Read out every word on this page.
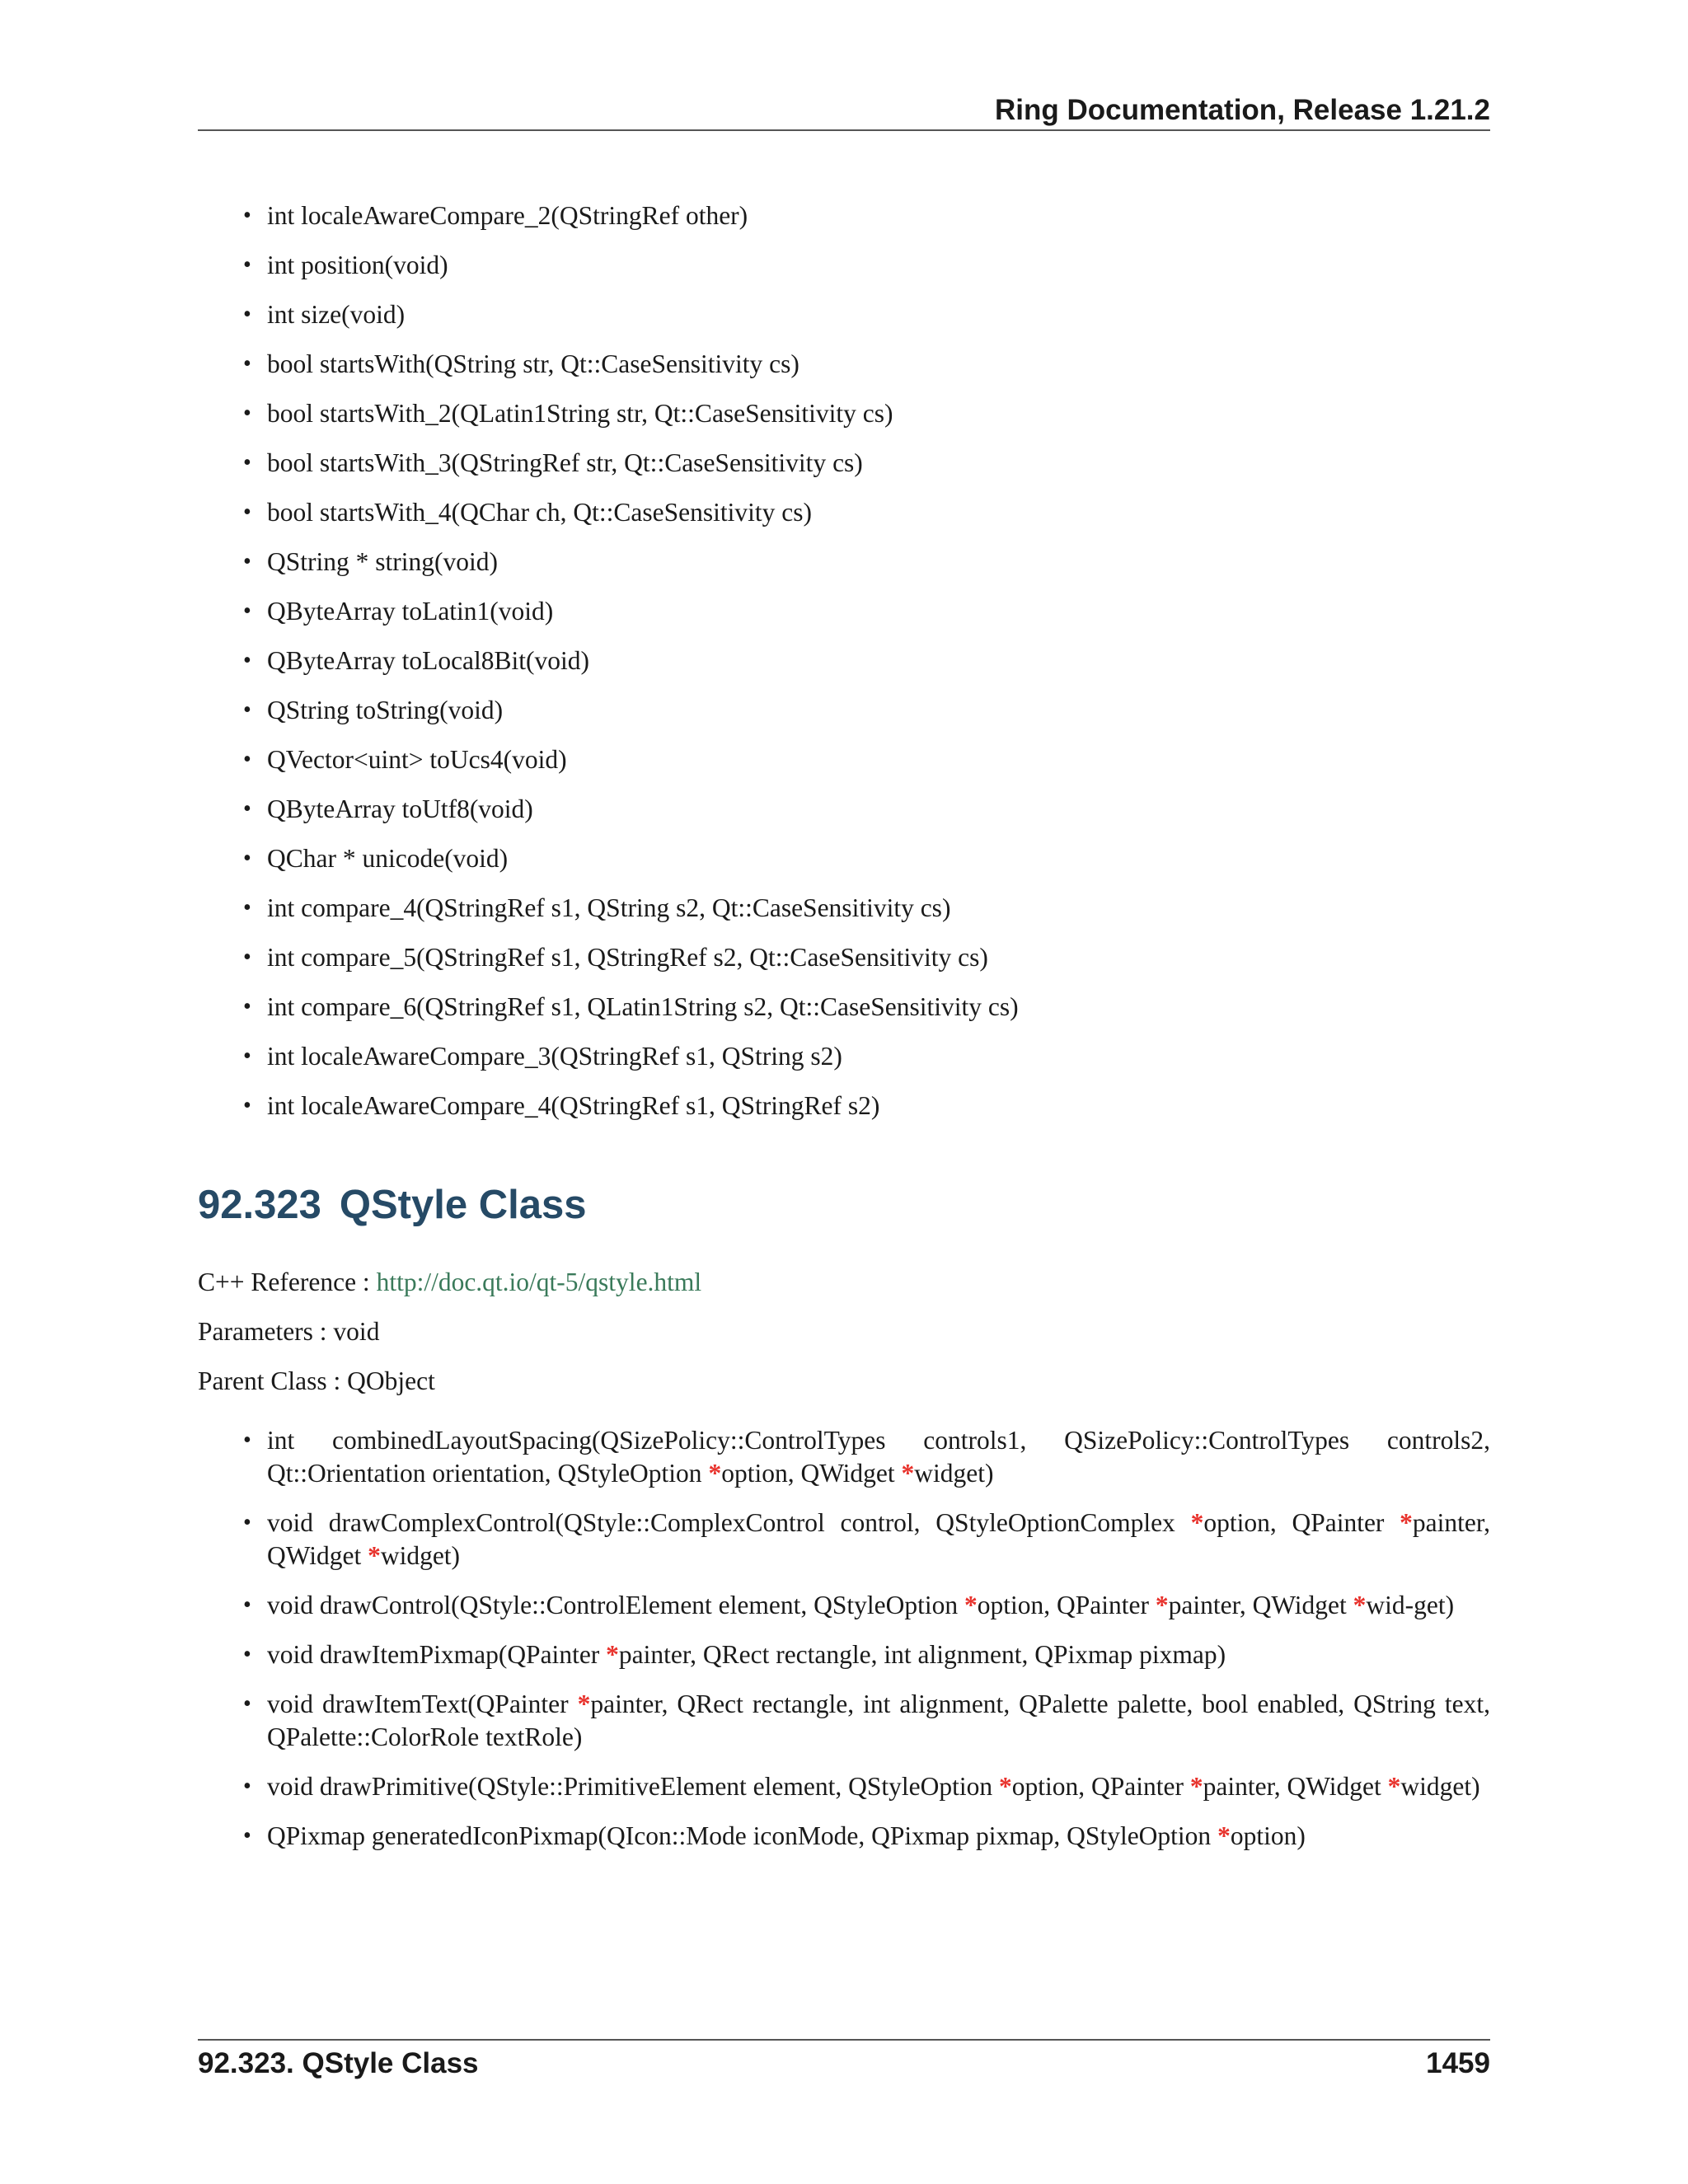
Ring Documentation, Release 1.21.2
• int localeAwareCompare_2(QStringRef other)
• int position(void)
• int size(void)
• bool startsWith(QString str, Qt::CaseSensitivity cs)
• bool startsWith_2(QLatin1String str, Qt::CaseSensitivity cs)
• bool startsWith_3(QStringRef str, Qt::CaseSensitivity cs)
• bool startsWith_4(QChar ch, Qt::CaseSensitivity cs)
• QString * string(void)
• QByteArray toLatin1(void)
• QByteArray toLocal8Bit(void)
• QString toString(void)
• QVector<uint> toUcs4(void)
• QByteArray toUtf8(void)
• QChar * unicode(void)
• int compare_4(QStringRef s1, QString s2, Qt::CaseSensitivity cs)
• int compare_5(QStringRef s1, QStringRef s2, Qt::CaseSensitivity cs)
• int compare_6(QStringRef s1, QLatin1String s2, Qt::CaseSensitivity cs)
• int localeAwareCompare_3(QStringRef s1, QString s2)
• int localeAwareCompare_4(QStringRef s1, QStringRef s2)
92.323 QStyle Class
C++ Reference : http://doc.qt.io/qt-5/qstyle.html
Parameters : void
Parent Class : QObject
• int combinedLayoutSpacing(QSizePolicy::ControlTypes controls1, QSizePolicy::ControlTypes controls2, Qt::Orientation orientation, QStyleOption *option, QWidget *widget)
• void drawComplexControl(QStyle::ComplexControl control, QStyleOptionComplex *option, QPainter *painter, QWidget *widget)
• void drawControl(QStyle::ControlElement element, QStyleOption *option, QPainter *painter, QWidget *wid-get)
• void drawItemPixmap(QPainter *painter, QRect rectangle, int alignment, QPixmap pixmap)
• void drawItemText(QPainter *painter, QRect rectangle, int alignment, QPalette palette, bool enabled, QString text, QPalette::ColorRole textRole)
• void drawPrimitive(QStyle::PrimitiveElement element, QStyleOption *option, QPainter *painter, QWidget *widget)
• QPixmap generatedIconPixmap(QIcon::Mode iconMode, QPixmap pixmap, QStyleOption *option)
92.323. QStyle Class	1459
